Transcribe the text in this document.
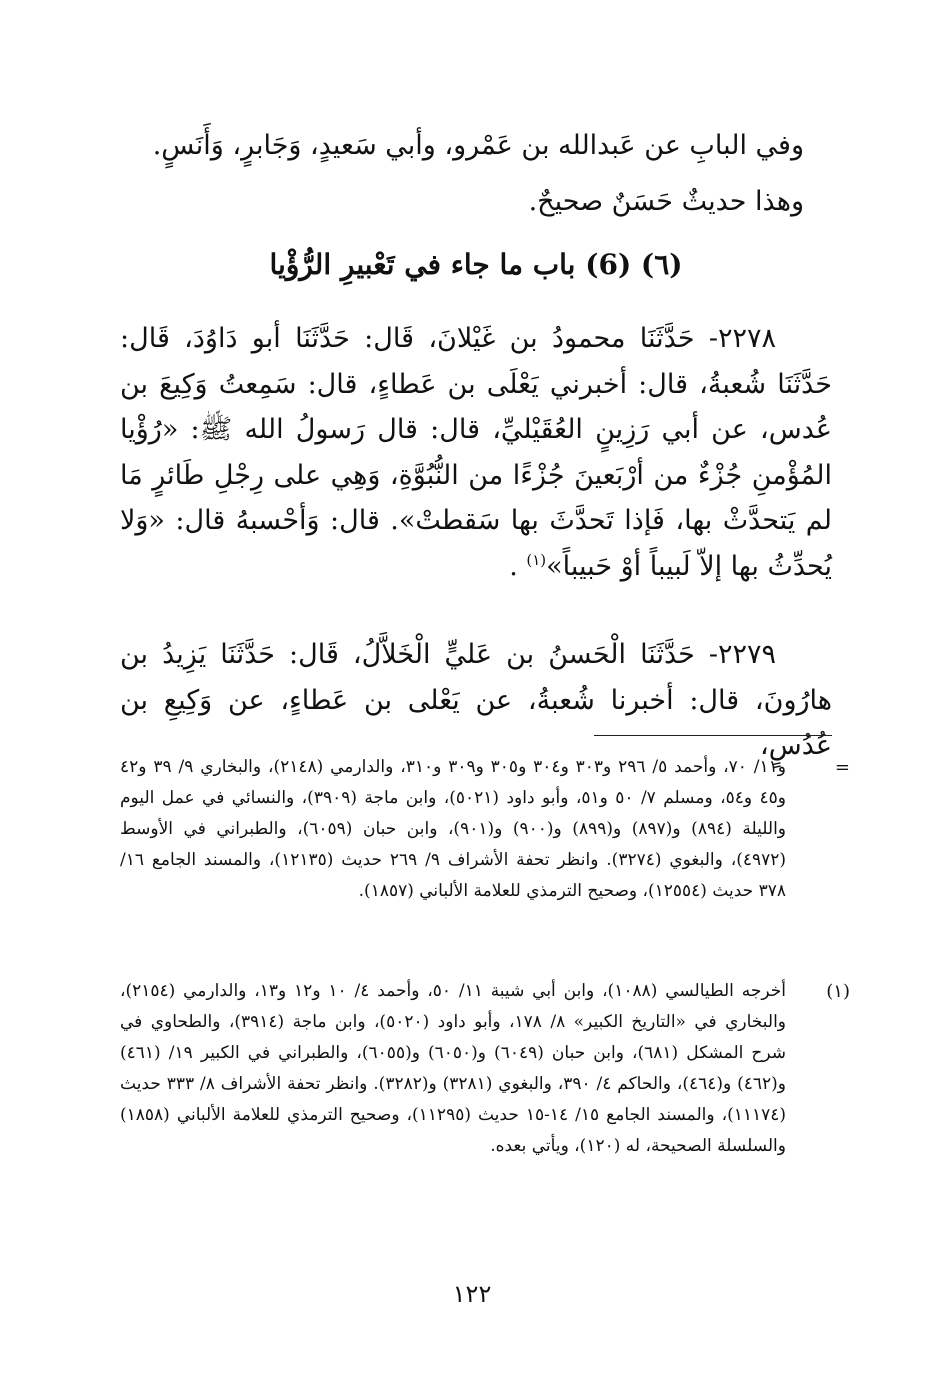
وفي البابِ عن عَبدالله بن عَمْرو، وأبي سَعيدٍ، وَجَابرٍ، وَأَنَسٍ.

وهذا حديثٌ حَسَنٌ صحيحٌ.

(٦) (6) باب ما جاء في تَعْبيرِ الرُّؤْيا

٢٢٧٨- حَدَّثَنَا محمودُ بن غَيْلانَ، قَال: حَدَّثَنَا أبو دَاوُدَ، قَال: حَدَّثَنَا شُعبةُ، قال: أخبرني يَعْلَى بن عَطاءٍ، قال: سَمِعتُ وَكِيعَ بن عُدس، عن أبي رَزِينٍ العُقَيْليِّ، قال: قال رَسولُ الله ﷺ: «رُؤْيا المُؤْمنِ جُزْءٌ من أرْبَعينَ جُزْءًا من النُّبُوَّةِ، وَهِي على رِجْلِ طَائرٍ مَا لم يَتحدَّثْ بها، فَإذا تَحدَّثَ بها سَقطتْ». قال: وَأحْسبهُ قال: «وَلا يُحدِّثُ بها إلاّ لَبيباً أوْ حَبيباً»$^{(١)}$ .

٢٢٧٩- حَدَّثَنَا الْحَسنُ بن عَليٍّ الْخَلاَّلُ، قَال: حَدَّثَنَا يَزِيدُ بن هارُونَ، قال: أخبرنا شُعبةُ، عن يَعْلى بن عَطاءٍ، عن وَكِيعِ بن عُدُسٍ،

=
و١١/ ٧٠، وأحمد ٥/ ٢٩٦ و٣٠٣ و٣٠٤ و٣٠٥ و٣٠٩ و٣١٠، والدارمي (٢١٤٨)، والبخاري ٩/ ٣٩ و٤٢ و٤٥ و٥٤، ومسلم ٧/ ٥٠ و٥١، وأبو داود (٥٠٢١)، وابن ماجة (٣٩٠٩)، والنسائي في عمل اليوم والليلة (٨٩٤) و(٨٩٧) و(٨٩٩) و(٩٠٠) و(٩٠١)، وابن حبان (٦٠٥٩)، والطبراني في الأوسط (٤٩٧٢)، والبغوي (٣٢٧٤). وانظر تحفة الأشراف ٩/ ٢٦٩ حديث (١٢١٣٥)، والمسند الجامع ١٦/ ٣٧٨ حديث (١٢٥٥٤)، وصحيح الترمذي للعلامة الألباني (١٨٥٧).
(١)
أخرجه الطيالسي (١٠٨٨)، وابن أبي شيبة ١١/ ٥٠، وأحمد ٤/ ١٠ و١٢ و١٣، والدارمي (٢١٥٤)، والبخاري في «التاريخ الكبير» ٨/ ١٧٨، وأبو داود (٥٠٢٠)، وابن ماجة (٣٩١٤)، والطحاوي في شرح المشكل (٦٨١)، وابن حبان (٦٠٤٩) و(٦٠٥٠) و(٦٠٥٥)، والطبراني في الكبير ١٩/ (٤٦١) و(٤٦٢) و(٤٦٤)، والحاكم ٤/ ٣٩٠، والبغوي (٣٢٨١) و(٣٢٨٢). وانظر تحفة الأشراف ٨/ ٣٣٣ حديث (١١١٧٤)، والمسند الجامع ١٥/ ١٤-١٥ حديث (١١٢٩٥)، وصحيح الترمذي للعلامة الألباني (١٨٥٨) والسلسلة الصحيحة، له (١٢٠)، ويأتي بعده.
١٢٢
